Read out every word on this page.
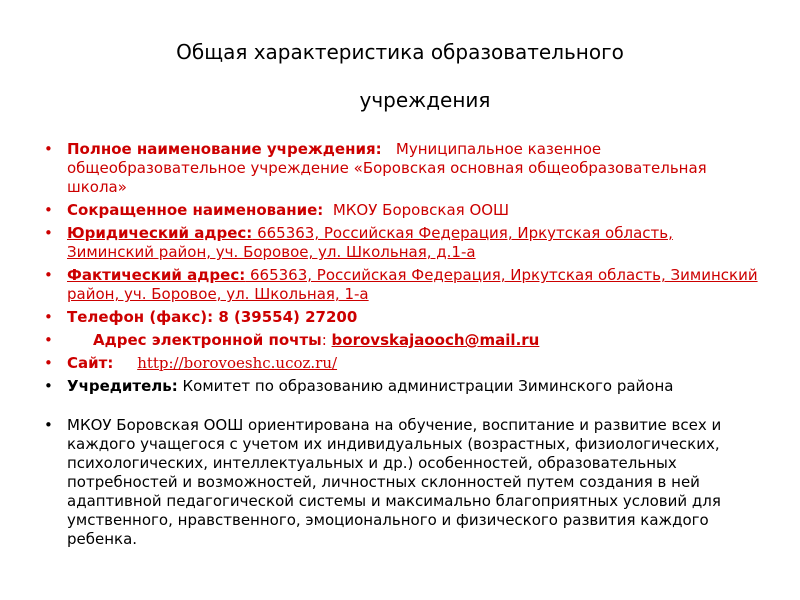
Общая характеристика образовательного
учреждения
• Полное наименование учреждения: Муниципальное казенное общеобразовательное учреждение «Боровская основная общеобразовательная школа»
• Сокращенное наименование: МКОУ Боровская ООШ
• Юридический адрес: 665363, Российская Федерация, Иркутская область, Зиминский район, уч. Боровое, ул. Школьная, д.1-а
• Фактический адрес: 665363, Российская Федерация, Иркутская область, Зиминский район, уч. Боровое, ул. Школьная, 1-а
• Телефон (факс): 8 (39554) 27200
• Адрес электронной почты: borovskajaooch@mail.ru
• Сайт: http://borovoeshc.ucoz.ru/
• Учредитель: Комитет по образованию администрации Зиминского района
• МКОУ Боровская ООШ ориентирована на обучение, воспитание и развитие всех и каждого учащегося с учетом их индивидуальных (возрастных, физиологических, психологических, интеллектуальных и др.) особенностей, образовательных потребностей и возможностей, личностных склонностей путем создания в ней адаптивной педагогической системы и максимально благоприятных условий для умственного, нравственного, эмоционального и физического развития каждого ребенка.
